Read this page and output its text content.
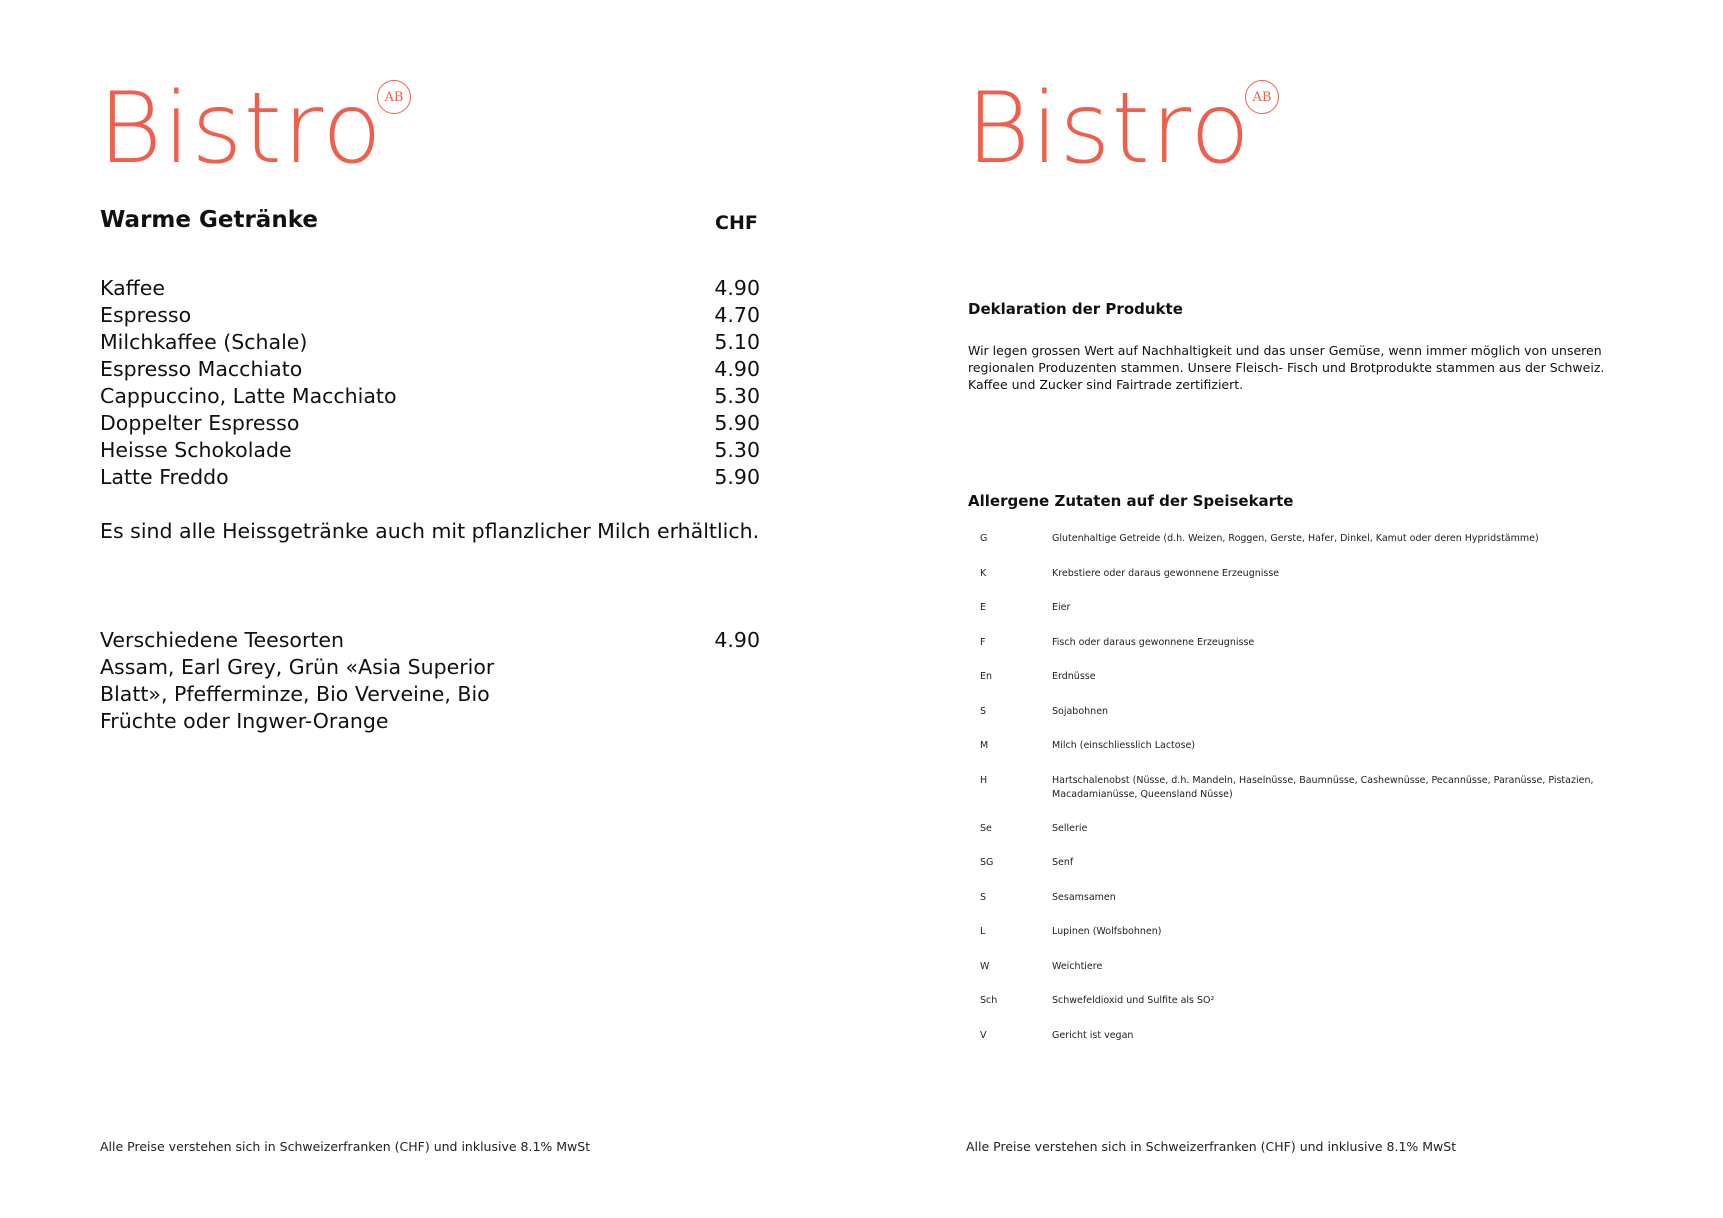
Bistro AB
Warme Getränke	CHF
Kaffee	4.90
Espresso	4.70
Milchkaffee (Schale)	5.10
Espresso Macchiato	4.90
Cappuccino, Latte Macchiato	5.30
Doppelter Espresso	5.90
Heisse Schokolade	5.30
Latte Freddo	5.90
Es sind alle Heissgetränke auch mit pflanzlicher Milch erhältlich.
Verschiedene Teesorten	4.90
Assam, Earl Grey, Grün «Asia Superior Blatt», Pfefferminze, Bio Verveine, Bio Früchte oder Ingwer-Orange
Alle Preise verstehen sich in Schweizerfranken (CHF) und inklusive 8.1% MwSt
Bistro AB
Deklaration der Produkte
Wir legen grossen Wert auf Nachhaltigkeit und das unser Gemüse, wenn immer möglich von unseren regionalen Produzenten stammen. Unsere Fleisch- Fisch und Brotprodukte stammen aus der Schweiz. Kaffee und Zucker sind Fairtrade zertifiziert.
Allergene Zutaten auf der Speisekarte
G	Glutenhaltige Getreide (d.h. Weizen, Roggen, Gerste, Hafer, Dinkel, Kamut oder deren Hypridstämme)
K	Krebstiere oder daraus gewonnene Erzeugnisse
E	Eier
F	Fisch oder daraus gewonnene Erzeugnisse
En	Erdnüsse
S	Sojabohnen
M	Milch (einschliesslich Lactose)
H	Hartschalenobst (Nüsse, d.h. Mandeln, Haselnüsse, Baumnüsse, Cashewnüsse, Pecannüsse, Paranüsse, Pistazien, Macadamianüsse, Queensland Nüsse)
Se	Sellerie
SG	Senf
S	Sesamsamen
L	Lupinen (Wolfsbohnen)
W	Weichtiere
Sch	Schwefeldioxid und Sulfite als SO²
V	Gericht ist vegan
Alle Preise verstehen sich in Schweizerfranken (CHF) und inklusive 8.1% MwSt
